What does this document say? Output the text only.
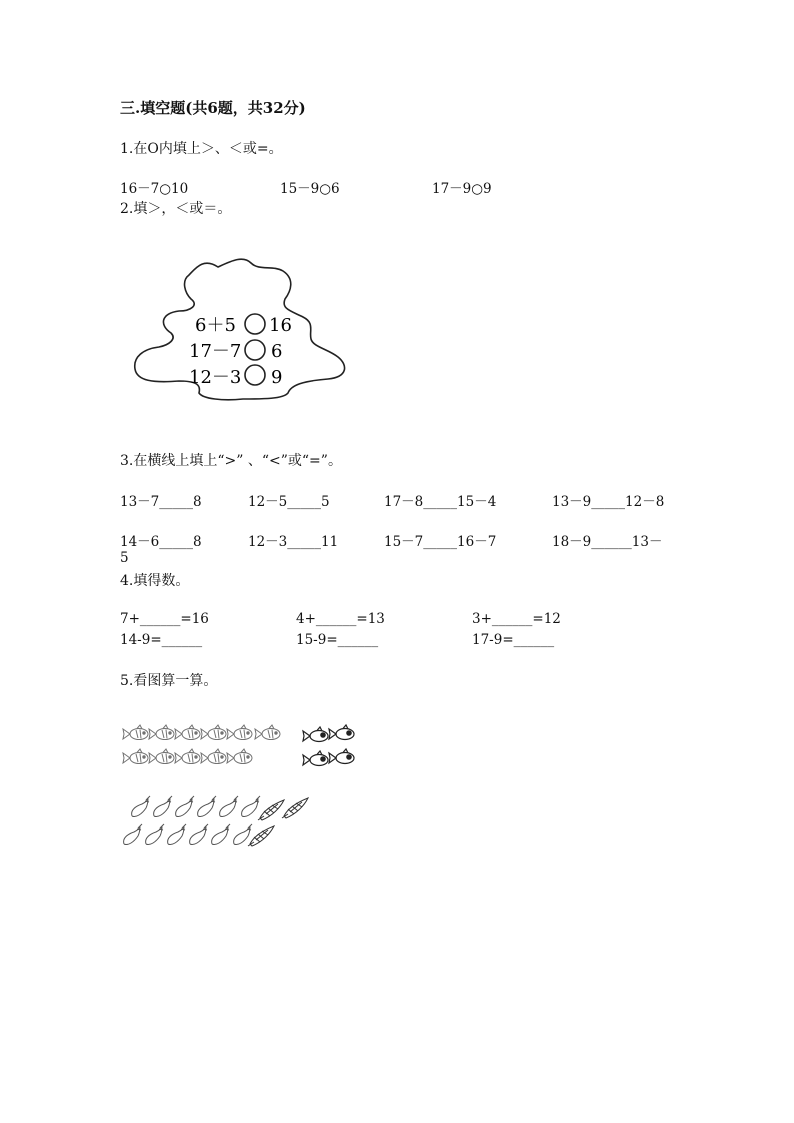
三.填空题(共6题，共32分)
1.在O内填上＞、＜或=。
16－7○10	15－9○6	17－9○9
2.填＞，＜或＝。
6＋5 16
17－7 6
12－3 9
3.在横线上填上“>” 、“<”或“=”。
13－7_____8	12－5_____5	17－8_____15－4	13－9_____12－8
14－6_____8	12－3_____11	15－7_____16－7	18－9______13－
5
4.填得数。
7+______=16	4+______=13	3+______=12
14-9=______	15-9=______	17-9=______
5.看图算一算。
